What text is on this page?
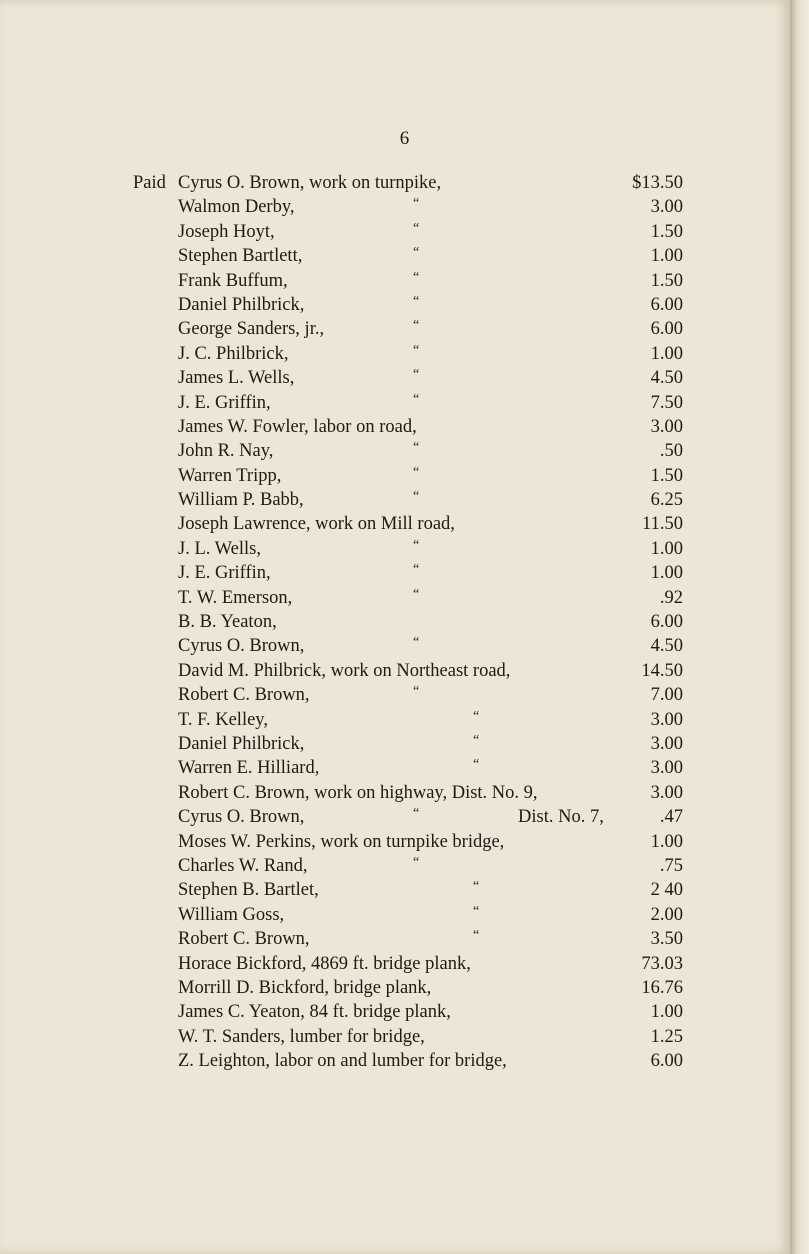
6
Paid Cyrus O. Brown, work on turnpike,	$13.50
Walmon Derby,	“	3.00
Joseph Hoyt,	“	1.50
Stephen Bartlett,	“	1.00
Frank Buffum,	“	1.50
Daniel Philbrick,	“	6.00
George Sanders, jr.,	“	6.00
J. C. Philbrick,	“	1.00
James L. Wells,	“	4.50
J. E. Griffin,	“	7.50
James W. Fowler, labor on road,	3.00
John R. Nay,	“	.50
Warren Tripp,	“	1.50
William P. Babb,	“	6.25
Joseph Lawrence, work on Mill road,	11.50
J. L. Wells,	“	1.00
J. E. Griffin,	“	1.00
T. W. Emerson,	“	.92
B. B. Yeaton,	6.00
Cyrus O. Brown,	“	4.50
David M. Philbrick, work on Northeast road,	14.50
Robert C. Brown,	“	7.00
T. F. Kelley,	“	3.00
Daniel Philbrick,	“	3.00
Warren E. Hilliard,	“	3.00
Robert C. Brown, work on highway, Dist. No. 9,	3.00
Cyrus O. Brown,	“	Dist. No. 7,	.47
Moses W. Perkins, work on turnpike bridge,	1.00
Charles W. Rand,	“	.75
Stephen B. Bartlet,	“	2 40
William Goss,	“	2.00
Robert C. Brown,	“	3.50
Horace Bickford, 4869 ft. bridge plank,	73.03
Morrill D. Bickford, bridge plank,	16.76
James C. Yeaton, 84 ft. bridge plank,	1.00
W. T. Sanders, lumber for bridge,	1.25
Z. Leighton, labor on and lumber for bridge,	6.00
